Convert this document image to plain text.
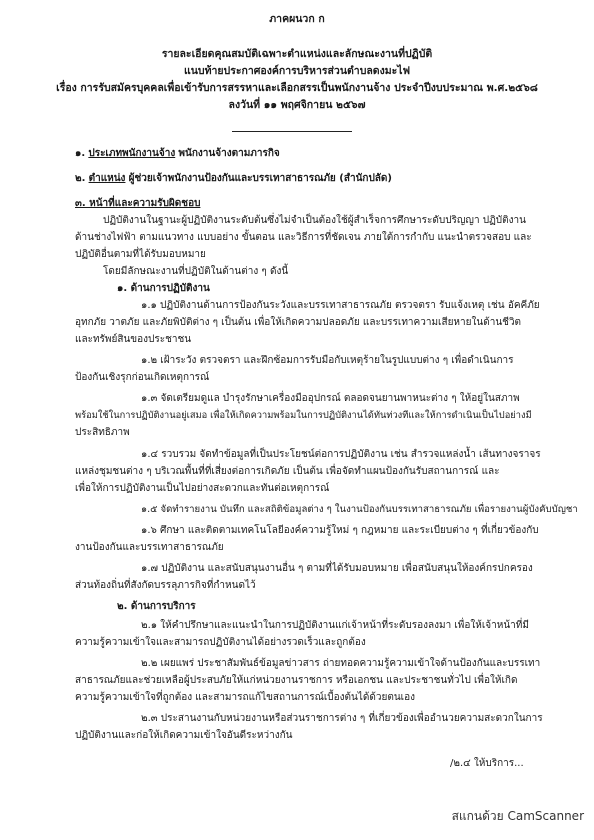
ภาคผนวก ก
รายละเอียดคุณสมบัติเฉพาะตำแหน่งและลักษณะงานที่ปฏิบัติ
แนบท้ายประกาศองค์การบริหารส่วนตำบลดงมะไฟ
เรื่อง การรับสมัครบุคคลเพื่อเข้ารับการสรรหาและเลือกสรรเป็นพนักงานจ้าง ประจำปีงบประมาณ พ.ศ.๒๕๖๘
ลงวันที่ ๑๑ พฤศจิกายน ๒๕๖๗
๑. ประเภทพนักงานจ้าง พนักงานจ้างตามภารกิจ
๒. ตำแหน่ง ผู้ช่วยเจ้าพนักงานป้องกันและบรรเทาสาธารณภัย (สำนักปลัด)
๓. หน้าที่และความรับผิดชอบ
ปฏิบัติงานในฐานะผู้ปฏิบัติงานระดับต้นซึ่งไม่จำเป็นต้องใช้ผู้สำเร็จการศึกษาระดับปริญญา ปฏิบัติงาน
ด้านช่างไฟฟ้า ตามแนวทาง แบบอย่าง ขั้นตอน และวิธีการที่ชัดเจน ภายใต้การกำกับ แนะนำตรวจสอบ และ
ปฏิบัติอื่นตามที่ได้รับมอบหมาย
โดยมีลักษณะงานที่ปฏิบัติในด้านต่าง ๆ ดังนี้
๑. ด้านการปฏิบัติงาน
๑.๑ ปฏิบัติงานด้านการป้องกันระวังและบรรเทาสาธารณภัย ตรวจตรา รับแจ้งเหตุ เช่น อัคคีภัย
อุทกภัย วาตภัย และภัยพิบัติต่าง ๆ เป็นต้น เพื่อให้เกิดความปลอดภัย และบรรเทาความเสียหายในด้านชีวิต
และทรัพย์สินของประชาชน
๑.๒ เฝ้าระวัง ตรวจตรา และฝึกซ้อมการรับมือกับเหตุร้ายในรูปแบบต่าง ๆ เพื่อดำเนินการ
ป้องกันเชิงรุกก่อนเกิดเหตุการณ์
๑.๓ จัดเตรียมดูแล บำรุงรักษาเครื่องมืออุปกรณ์ ตลอดจนยานพาหนะต่าง ๆ ให้อยู่ในสภาพ
พร้อมใช้ในการปฏิบัติงานอยู่เสมอ เพื่อให้เกิดความพร้อมในการปฏิบัติงานได้ทันท่วงทีและให้การดำเนินเป็นไปอย่างมี
ประสิทธิภาพ
๑.๔ รวบรวม จัดทำข้อมูลที่เป็นประโยชน์ต่อการปฏิบัติงาน เช่น สำรวจแหล่งน้ำ เส้นทางจราจร
แหล่งชุมชนต่าง ๆ บริเวณพื้นที่ที่เสี่ยงต่อการเกิดภัย เป็นต้น เพื่อจัดทำแผนป้องกันรับสถานการณ์ และ
เพื่อให้การปฏิบัติงานเป็นไปอย่างสะดวกและทันต่อเหตุการณ์
๑.๕ จัดทำรายงาน บันทึก และสถิติข้อมูลต่าง ๆ ในงานป้องกันบรรเทาสาธารณภัย เพื่อรายงานผู้บังคับบัญชา
๑.๖ ศึกษา และติดตามเทคโนโลยีองค์ความรู้ใหม่ ๆ กฎหมาย และระเบียบต่าง ๆ ที่เกี่ยวข้องกับ
งานป้องกันและบรรเทาสาธารณภัย
๑.๗ ปฏิบัติงาน และสนับสนุนงานอื่น ๆ ตามที่ได้รับมอบหมาย เพื่อสนับสนุนให้องค์กรปกครอง
ส่วนท้องถิ่นที่สังกัดบรรลุภารกิจที่กำหนดไว้
๒. ด้านการบริการ
๒.๑ ให้คำปรึกษาและแนะนำในการปฏิบัติงานแก่เจ้าหน้าที่ระดับรองลงมา เพื่อให้เจ้าหน้าที่มี
ความรู้ความเข้าใจและสามารถปฏิบัติงานได้อย่างรวดเร็วและถูกต้อง
๒.๒ เผยแพร่ ประชาสัมพันธ์ข้อมูลข่าวสาร ถ่ายทอดความรู้ความเข้าใจด้านป้องกันและบรรเทา
สาธารณภัยและช่วยเหลือผู้ประสบภัยให้แก่หน่วยงานราชการ หรือเอกชน และประชาชนทั่วไป เพื่อให้เกิด
ความรู้ความเข้าใจที่ถูกต้อง และสามารถแก้ไขสถานการณ์เบื้องต้นได้ด้วยตนเอง
๒.๓ ประสานงานกับหน่วยงานหรือส่วนราชการต่าง ๆ ที่เกี่ยวข้องเพื่ออำนวยความสะดวกในการ
ปฏิบัติงานและก่อให้เกิดความเข้าใจอันดีระหว่างกัน
/๒.๔ ให้บริการ...
สแกนด้วย CamScanner
